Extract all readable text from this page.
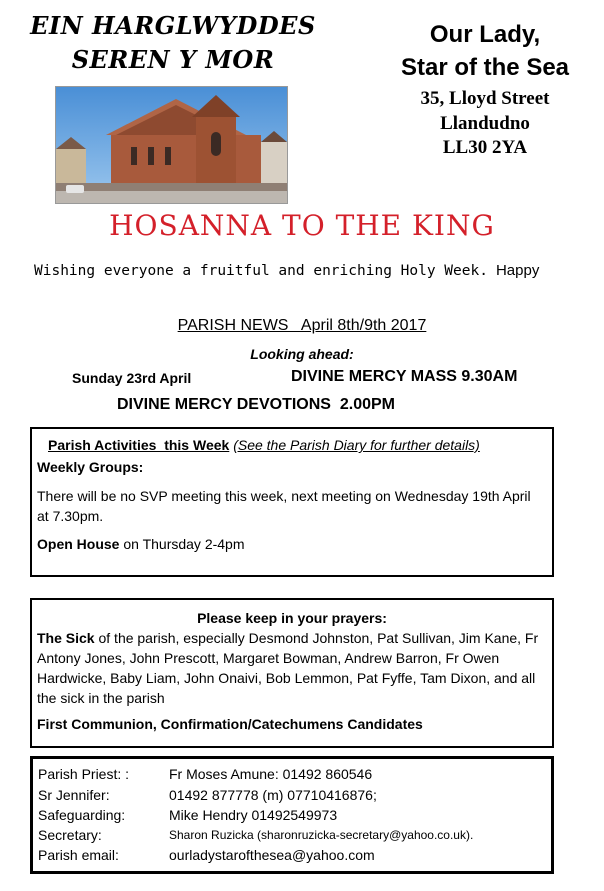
EIN HARGLWYDDES
SEREN Y MOR
Our Lady,
Star of the Sea
35, Lloyd Street
Llandudno
LL30 2YA
HOSANNA TO THE KING
Wishing everyone a fruitful and enriching Holy Week. Happy
PARISH NEWS   April 8th/9th 2017
Looking ahead:
Sunday 23rd April	DIVINE MERCY MASS 9.30AM
DIVINE MERCY DEVOTIONS  2.00PM
Parish Activities  this Week (See the Parish Diary for further details)
Weekly Groups:
There will be no SVP meeting this week, next meeting on Wednesday 19th April at 7.30pm.
Open House on Thursday 2-4pm
Please keep in your prayers:
The Sick of the parish, especially Desmond Johnston, Pat Sullivan, Jim Kane, Fr Antony Jones, John Prescott, Margaret Bowman, Andrew Barron, Fr Owen Hardwicke, Baby Liam, John Onaivi, Bob Lemmon, Pat Fyffe, Tam Dixon, and all the sick in the parish
First Communion, Confirmation/Catechumens Candidates
Parish Priest: :	Fr Moses Amune: 01492 860546
Sr Jennifer:	01492 877778 (m) 07710416876;
Safeguarding:	Mike Hendry 01492549973
Secretary:	Sharon Ruzicka (sharonruzicka-secretary@yahoo.co.uk).
Parish email:	ourladystarofthesea@yahoo.com
